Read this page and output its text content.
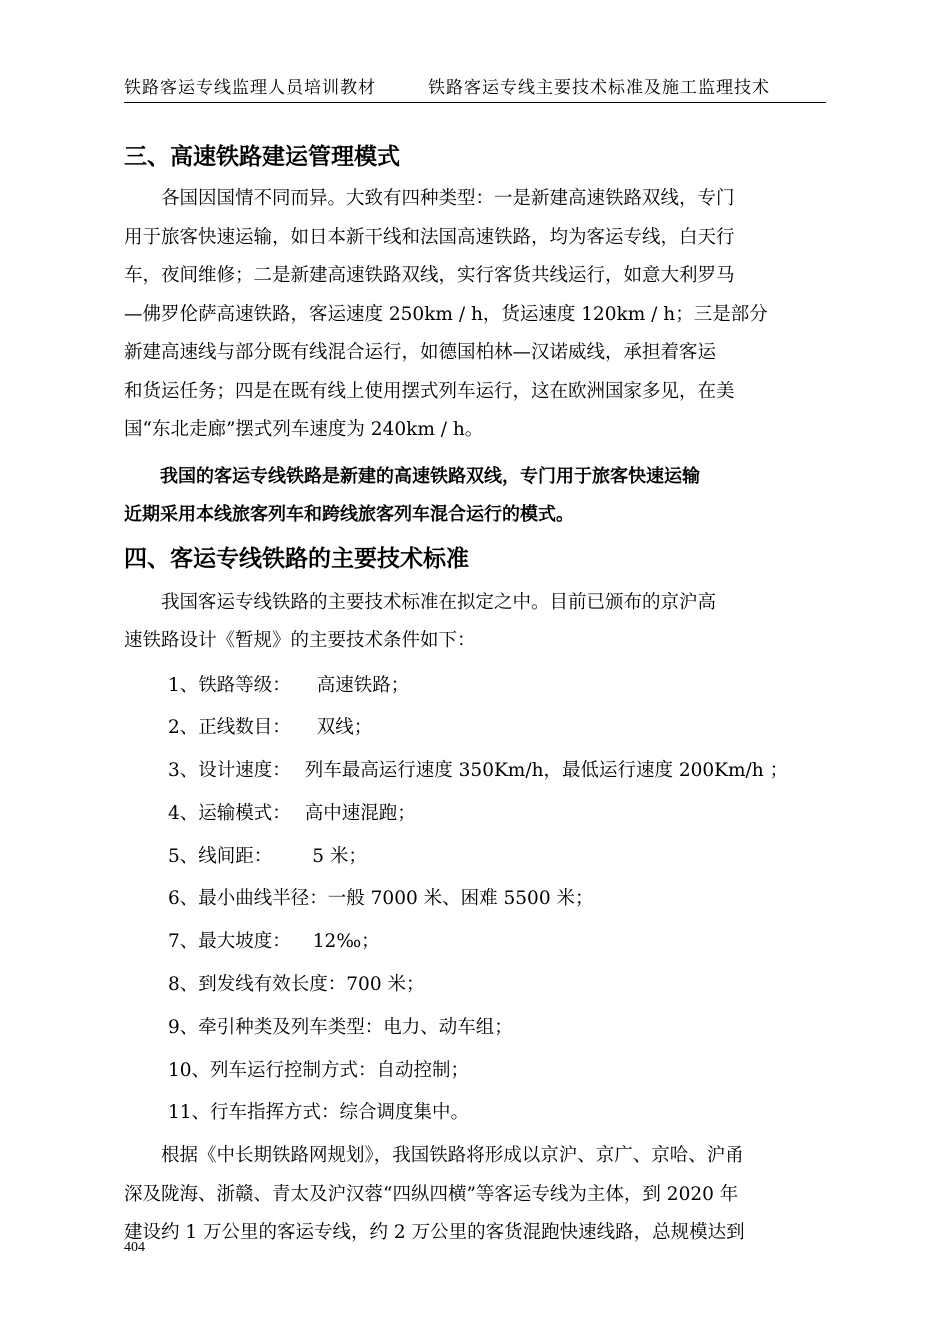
铁路客运专线监理人员培训教材	铁路客运专线主要技术标准及施工监理技术
三、高速铁路建运管理模式

各国因国情不同而异。大致有四种类型：一是新建高速铁路双线，专门

用于旅客快速运输，如日本新干线和法国高速铁路，均为客运专线，白天行

车，夜间维修；二是新建高速铁路双线，实行客货共线运行，如意大利罗马

—佛罗伦萨高速铁路，客运速度 250km / h，货运速度 120km / h；三是部分

新建高速线与部分既有线混合运行，如德国柏林—汉诺威线，承担着客运

和货运任务；四是在既有线上使用摆式列车运行，这在欧洲国家多见，在美

国“东北走廊”摆式列车速度为 240km / h。

我国的客运专线铁路是新建的高速铁路双线，专门用于旅客快速运输
近期采用本线旅客列车和跨线旅客列车混合运行的模式。
四、客运专线铁路的主要技术标准

我国客运专线铁路的主要技术标准在拟定之中。目前已颁布的京沪高

速铁路设计《暂规》的主要技术条件如下：

1、铁路等级： 高速铁路；
2、正线数目： 双线；
3、设计速度： 列车最高运行速度 350Km/h，最低运行速度 200Km/h ；
4、运输模式： 高中速混跑；
5、线间距： 5 米；
6、最小曲线半径：一般 7000 米、困难 5500 米；
7、最大坡度： 12‰；
8、到发线有效长度：700 米；
9、牵引种类及列车类型：电力、动车组；
10、列车运行控制方式：自动控制；
11、行车指挥方式：综合调度集中。

根据《中长期铁路网规划》，我国铁路将形成以京沪、京广、京哈、沪甬

深及陇海、浙赣、青太及沪汉蓉“四纵四横”等客运专线为主体，到 2020 年

建设约 1 万公里的客运专线，约 2 万公里的客货混跑快速线路，总规模达到

404
